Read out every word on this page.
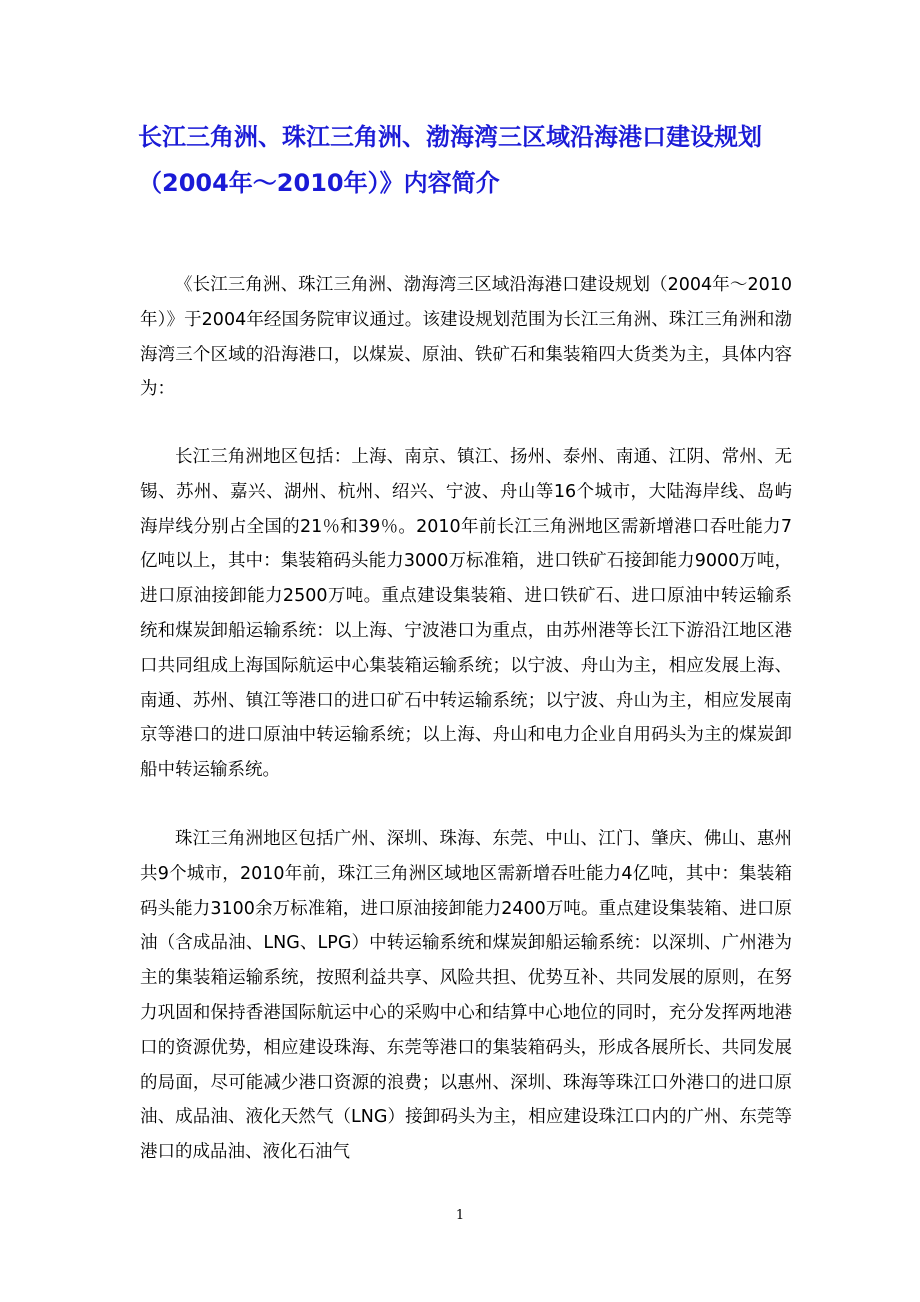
长江三角洲、珠江三角洲、渤海湾三区域沿海港口建设规划（2004年～2010年）》内容简介

《长江三角洲、珠江三角洲、渤海湾三区域沿海港口建设规划（2004年～2010年）》于2004年经国务院审议通过。该建设规划范围为长江三角洲、珠江三角洲和渤海湾三个区域的沿海港口，以煤炭、原油、铁矿石和集装箱四大货类为主，具体内容为：

长江三角洲地区包括：上海、南京、镇江、扬州、泰州、南通、江阴、常州、无锡、苏州、嘉兴、湖州、杭州、绍兴、宁波、舟山等16个城市，大陆海岸线、岛屿海岸线分别占全国的21％和39％。2010年前长江三角洲地区需新增港口吞吐能力7亿吨以上，其中：集装箱码头能力3000万标准箱，进口铁矿石接卸能力9000万吨，进口原油接卸能力2500万吨。重点建设集装箱、进口铁矿石、进口原油中转运输系统和煤炭卸船运输系统：以上海、宁波港口为重点，由苏州港等长江下游沿江地区港口共同组成上海国际航运中心集装箱运输系统；以宁波、舟山为主，相应发展上海、南通、苏州、镇江等港口的进口矿石中转运输系统；以宁波、舟山为主，相应发展南京等港口的进口原油中转运输系统；以上海、舟山和电力企业自用码头为主的煤炭卸船中转运输系统。

珠江三角洲地区包括广州、深圳、珠海、东莞、中山、江门、肇庆、佛山、惠州共9个城市，2010年前，珠江三角洲区域地区需新增吞吐能力4亿吨，其中：集装箱码头能力3100余万标准箱，进口原油接卸能力2400万吨。重点建设集装箱、进口原油（含成品油、LNG、LPG）中转运输系统和煤炭卸船运输系统：以深圳、广州港为主的集装箱运输系统，按照利益共享、风险共担、优势互补、共同发展的原则，在努力巩固和保持香港国际航运中心的采购中心和结算中心地位的同时，充分发挥两地港口的资源优势，相应建设珠海、东莞等港口的集装箱码头，形成各展所长、共同发展的局面，尽可能减少港口资源的浪费；以惠州、深圳、珠海等珠江口外港口的进口原油、成品油、液化天然气（LNG）接卸码头为主，相应建设珠江口内的广州、东莞等港口的成品油、液化石油气

1
